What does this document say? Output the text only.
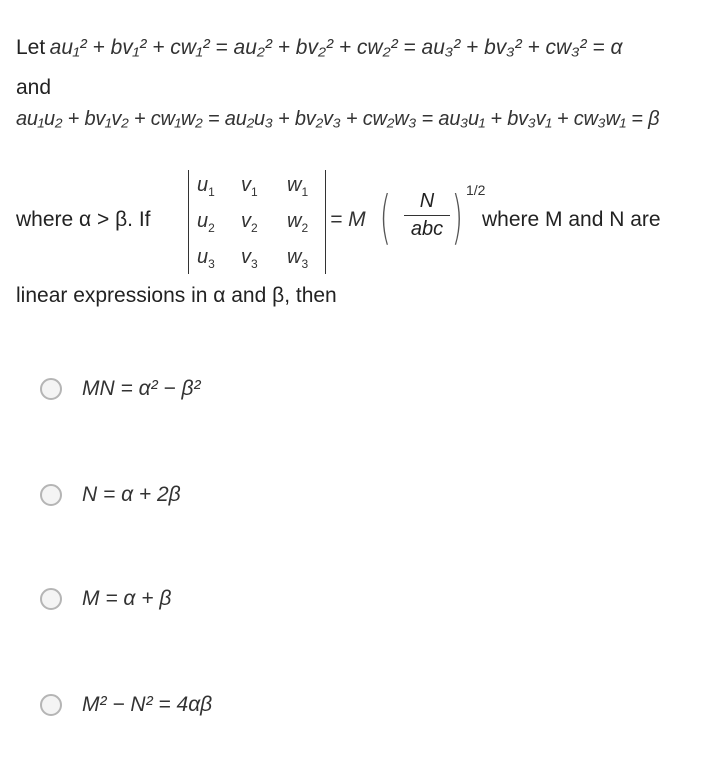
Let au₁² + bv₁² + cw₁² = au₂² + bv₂² + cw₂² = au₃² + bv₃² + cw₃² = α
and
au₁u₂ + bv₁v₂ + cw₁w₂ = au₂u₃ + bv₂v₃ + cw₂w₃ = au₃u₁ + bv₃v₁ + cw₃w₁ = β
where α > β. If
$u_1$ $v_1$ $w_1$
$u_2$ $v_2$ $w_2$
$u_3$ $v_3$ $w_3$
= M (	N
abc ) 1/2
where M and N are
linear expressions in α and β, then
MN = α² − β²
N = α + 2β
M = α + β
M² − N² = 4αβ
